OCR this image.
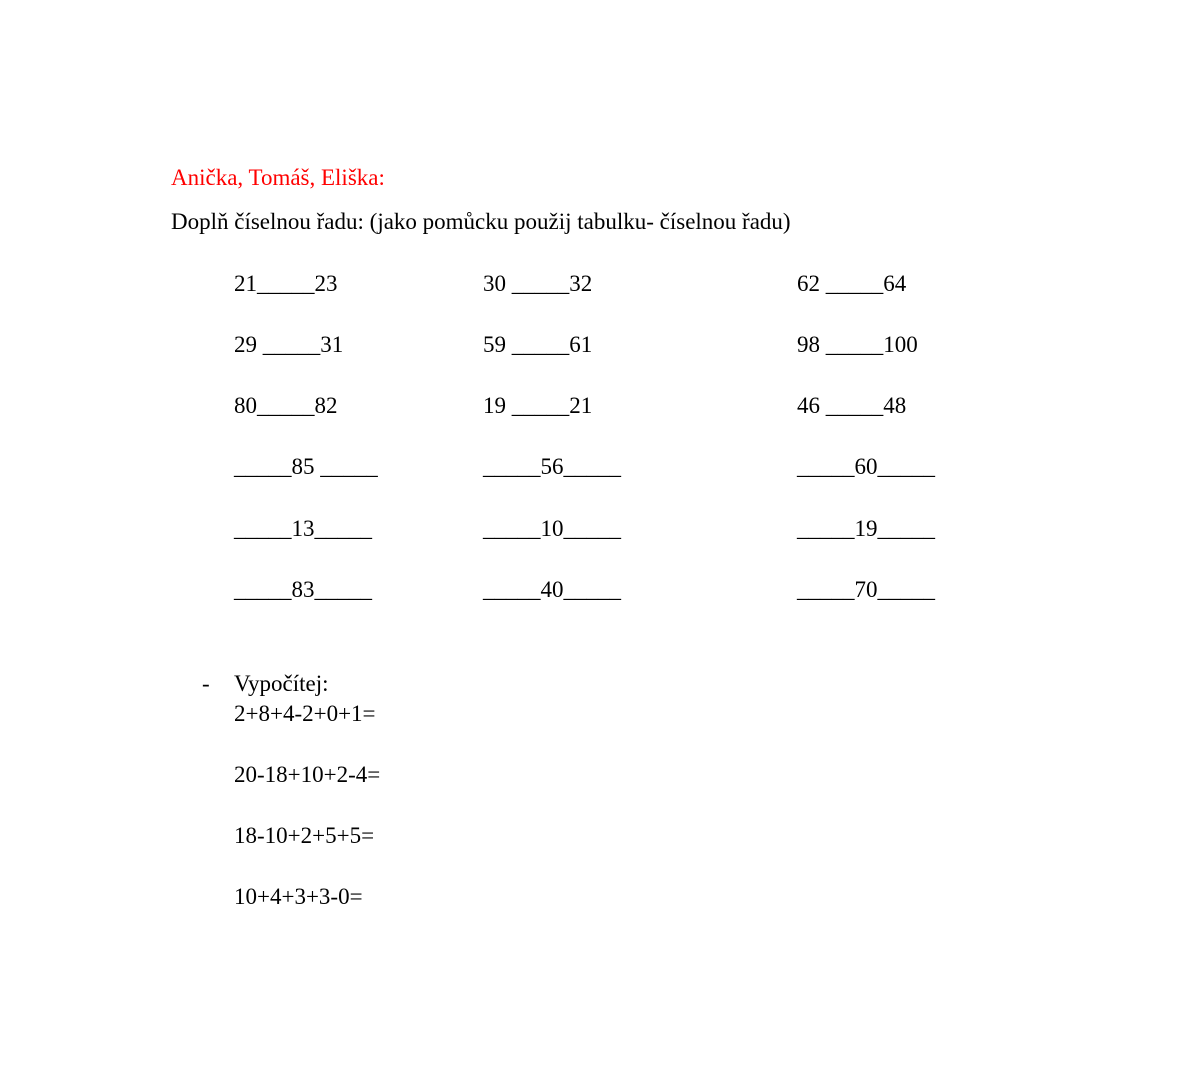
Anička, Tomáš, Eliška:
Doplň číselnou řadu: (jako pomůcku použij tabulku- číselnou řadu)
21_____23	30 _____32	62 _____64
29 _____31	59 _____61	98 _____100
80_____82	19 _____21	46 _____48
_____85 _____	_____56_____	_____60_____
_____13_____	_____10_____	_____19_____
_____83_____	_____40_____	_____70_____
- Vypočítej:
2+8+4-2+0+1=
20-18+10+2-4=
18-10+2+5+5=
10+4+3+3-0=
